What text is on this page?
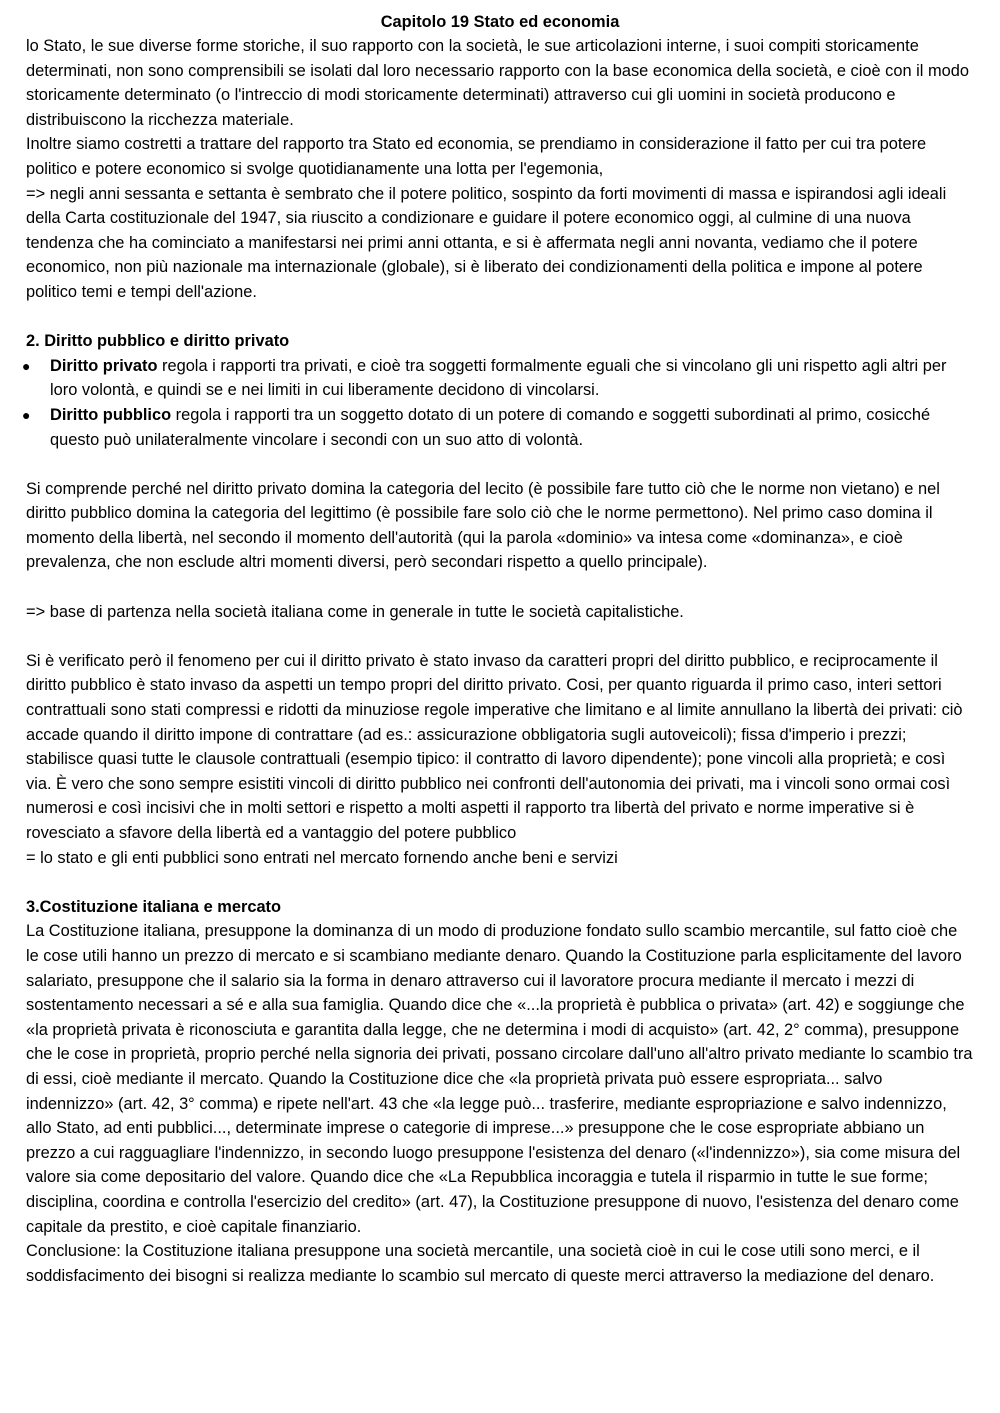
Capitolo 19 Stato ed economia

lo Stato, le sue diverse forme storiche, il suo rapporto con la società, le sue articolazioni interne, i suoi compiti storicamente determinati, non sono comprensibili se isolati dal loro necessario rapporto con la base economica della società, e cioè con il modo storicamente determinato (o l'intreccio di modi storicamente determinati) attraverso cui gli uomini in società producono e distribuiscono la ricchezza materiale.

Inoltre siamo costretti a trattare del rapporto tra Stato ed economia, se prendiamo in considerazione il fatto per cui tra potere politico e potere economico si svolge quotidianamente una lotta per l'egemonia,

=> negli anni sessanta e settanta è sembrato che il potere politico, sospinto da forti movimenti di massa e ispirandosi agli ideali della Carta costituzionale del 1947, sia riuscito a condizionare e guidare il potere economico oggi, al culmine di una nuova tendenza che ha cominciato a manifestarsi nei primi anni ottanta, e si è affermata negli anni novanta, vediamo che il potere economico, non più nazionale ma internazionale (globale), si è liberato dei condizionamenti della politica e impone al potere politico temi e tempi dell'azione.

2. Diritto pubblico e diritto privato
● Diritto privato regola i rapporti tra privati, e cioè tra soggetti formalmente eguali che si vincolano gli uni rispetto agli altri per loro volontà, e quindi se e nei limiti in cui liberamente decidono di vincolarsi.
● Diritto pubblico regola i rapporti tra un soggetto dotato di un potere di comando e soggetti subordinati al primo, cosicché questo può unilateralmente vincolare i secondi con un suo atto di volontà.

Si comprende perché nel diritto privato domina la categoria del lecito (è possibile fare tutto ciò che le norme non vietano) e nel diritto pubblico domina la categoria del legittimo (è possibile fare solo ciò che le norme permettono). Nel primo caso domina il momento della libertà, nel secondo il momento dell'autorità (qui la parola «dominio» va intesa come «dominanza», e cioè prevalenza, che non esclude altri momenti diversi, però secondari rispetto a quello principale).

=> base di partenza nella società italiana come in generale in tutte le società capitalistiche.

Si è verificato però il fenomeno per cui il diritto privato è stato invaso da caratteri propri del diritto pubblico, e reciprocamente il diritto pubblico è stato invaso da aspetti un tempo propri del diritto privato. Cosi, per quanto riguarda il primo caso, interi settori contrattuali sono stati compressi e ridotti da minuziose regole imperative che limitano e al limite annullano la libertà dei privati: ciò accade quando il diritto impone di contrattare (ad es.: assicurazione obbligatoria sugli autoveicoli); fissa d'imperio i prezzi; stabilisce quasi tutte le clausole contrattuali (esempio tipico: il contratto di lavoro dipendente); pone vincoli alla proprietà; e così via. È vero che sono sempre esistiti vincoli di diritto pubblico nei confronti dell'autonomia dei privati, ma i vincoli sono ormai così numerosi e così incisivi che in molti settori e rispetto a molti aspetti il rapporto tra libertà del privato e norme imperative si è rovesciato a sfavore della libertà ed a vantaggio del potere pubblico

= lo stato e gli enti pubblici sono entrati nel mercato fornendo anche beni e servizi

3.Costituzione italiana e mercato

La Costituzione italiana, presuppone la dominanza di un modo di produzione fondato sullo scambio mercantile, sul fatto cioè che le cose utili hanno un prezzo di mercato e si scambiano mediante denaro. Quando la Costituzione parla esplicitamente del lavoro salariato, presuppone che il salario sia la forma in denaro attraverso cui il lavoratore procura mediante il mercato i mezzi di sostentamento necessari a sé e alla sua famiglia. Quando dice che «...la proprietà è pubblica o privata» (art. 42) e soggiunge che «la proprietà privata è riconosciuta e garantita dalla legge, che ne determina i modi di acquisto» (art. 42, 2° comma), presuppone che le cose in proprietà, proprio perché nella signoria dei privati, possano circolare dall'uno all'altro privato mediante lo scambio tra di essi, cioè mediante il mercato. Quando la Costituzione dice che «la proprietà privata può essere espropriata... salvo indennizzo» (art. 42, 3° comma) e ripete nell'art. 43 che «la legge può... trasferire, mediante espropriazione e salvo indennizzo, allo Stato, ad enti pubblici..., determinate imprese o categorie di imprese...» presuppone che le cose espropriate abbiano un prezzo a cui ragguagliare l'indennizzo, in secondo luogo presuppone l'esistenza del denaro («l'indennizzo»), sia come misura del valore sia come depositario del valore. Quando dice che «La Repubblica incoraggia e tutela il risparmio in tutte le sue forme; disciplina, coordina e controlla l'esercizio del credito» (art. 47), la Costituzione presuppone di nuovo, l'esistenza del denaro come capitale da prestito, e cioè capitale finanziario.

Conclusione: la Costituzione italiana presuppone una società mercantile, una società cioè in cui le cose utili sono merci, e il soddisfacimento dei bisogni si realizza mediante lo scambio sul mercato di queste merci attraverso la mediazione del denaro.
